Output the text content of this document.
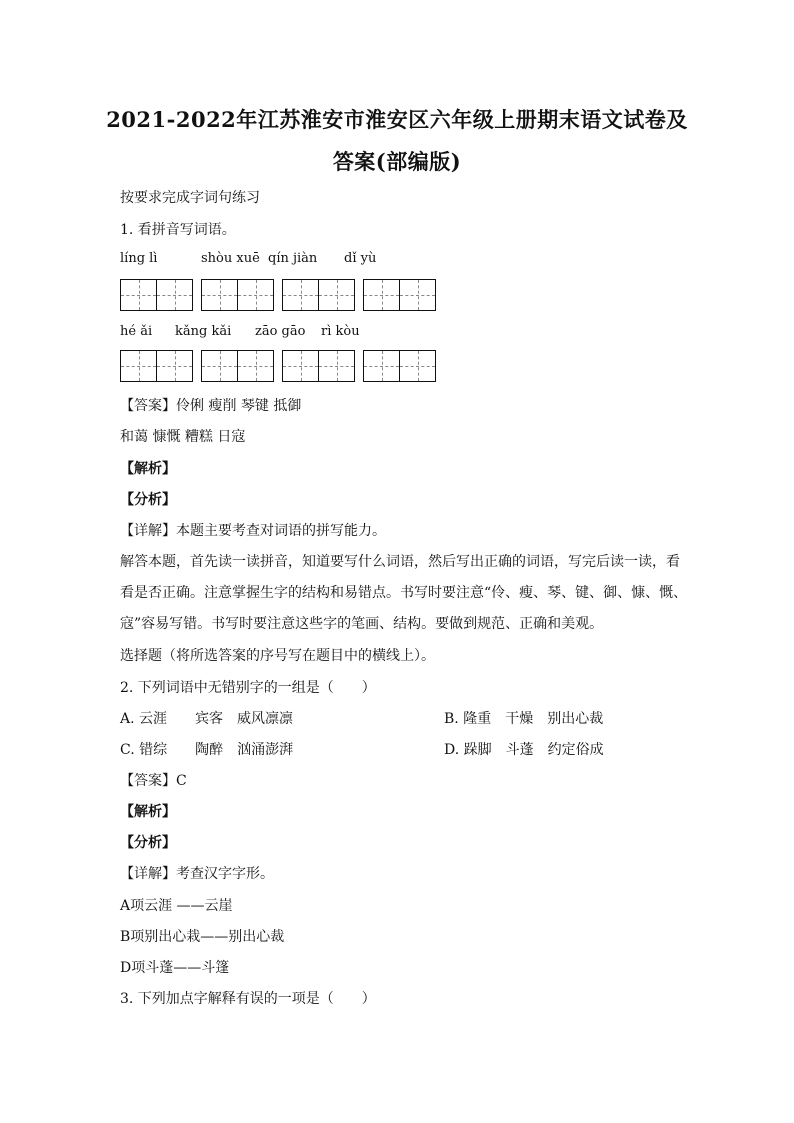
2021-2022年江苏淮安市淮安区六年级上册期末语文试卷及
答案(部编版)
按要求完成字词句练习
1. 看拼音写词语。
líng lì	shòu xuē qín jiàn dǐ yù
hé ǎi kǎng kǎi zāo gāo rì kòu
【答案】伶俐 瘦削 琴键 抵御
和蔼 慷慨 糟糕 日寇
【解析】
【分析】
【详解】本题主要考查对词语的拼写能力。
解答本题，首先读一读拼音，知道要写什么词语，然后写出正确的词语，写完后读一读，看
看是否正确。注意掌握生字的结构和易错点。书写时要注意“伶、瘦、琴、键、御、慷、慨、
寇”容易写错。书写时要注意这些字的笔画、结构。要做到规范、正确和美观。
选择题（将所选答案的序号写在题目中的横线上）。
2. 下列词语中无错别字的一组是（　　）
A. 云涯　　宾客　威风凛凛	B. 隆重　干燥　别出心裁
C. 错综　　陶醉　汹涌澎湃	D. 跺脚　斗蓬　约定俗成
【答案】C
【解析】
【分析】
【详解】考查汉字字形。
A项云涯 ——云崖
B项别出心栽——别出心裁
D项斗蓬——斗篷
3. 下列加点字解释有误的一项是（　　）
